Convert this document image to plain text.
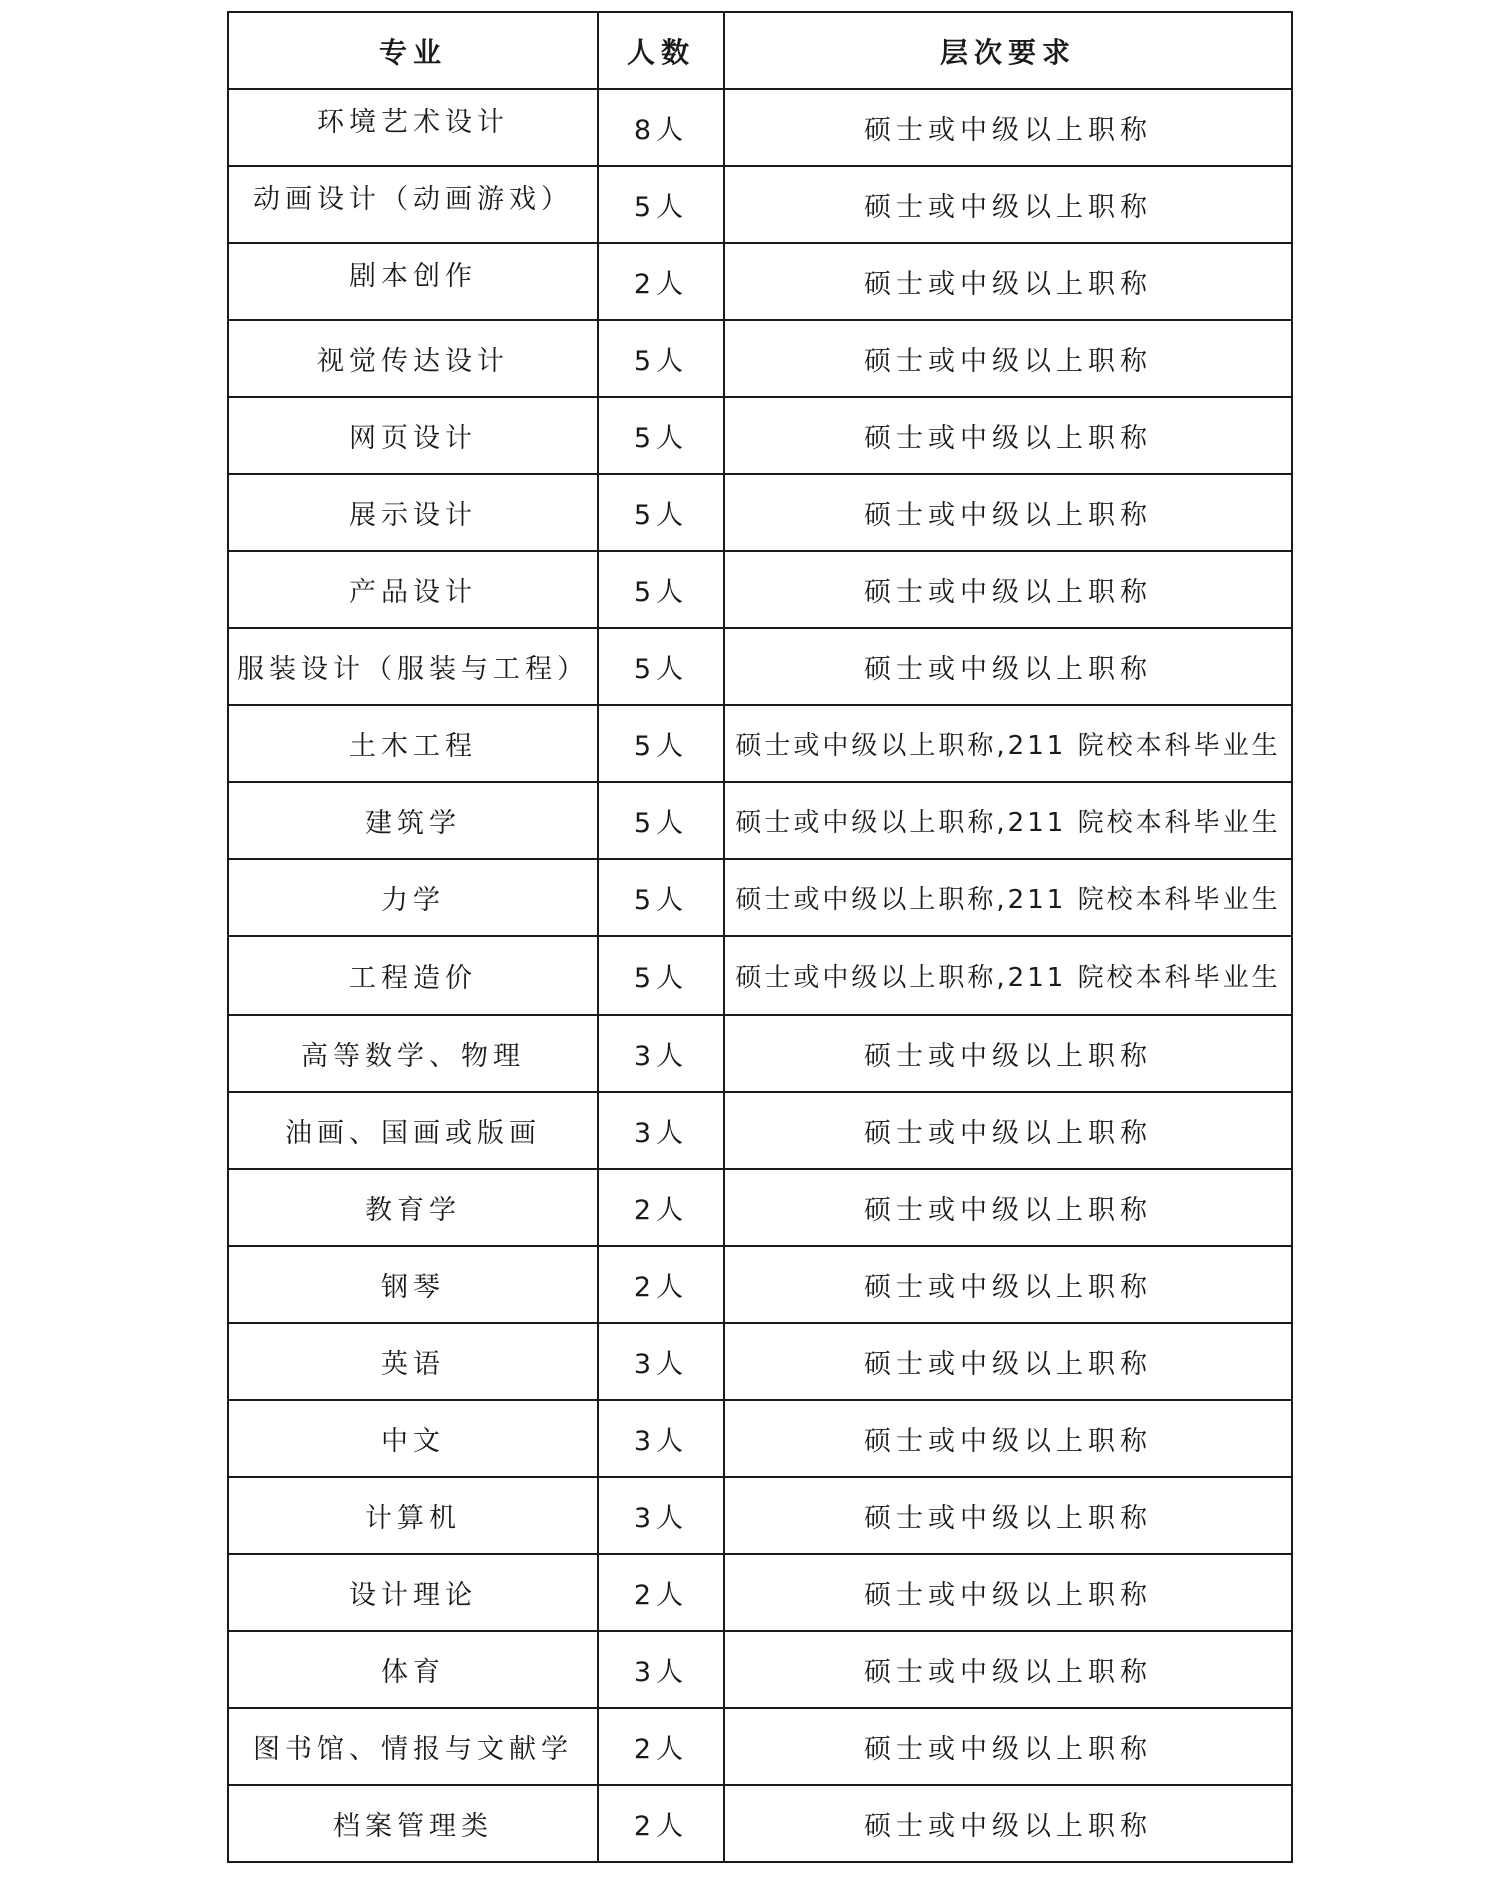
专业	人数	层次要求
环境艺术设计	8人	硕士或中级以上职称
动画设计（动画游戏）	5人	硕士或中级以上职称
剧本创作	2人	硕士或中级以上职称
视觉传达设计	5人	硕士或中级以上职称
网页设计	5人	硕士或中级以上职称
展示设计	5人	硕士或中级以上职称
产品设计	5人	硕士或中级以上职称
服装设计（服装与工程）	5人	硕士或中级以上职称
土木工程	5人	硕士或中级以上职称,211 院校本科毕业生
建筑学	5人	硕士或中级以上职称,211 院校本科毕业生
力学	5人	硕士或中级以上职称,211 院校本科毕业生
工程造价	5人	硕士或中级以上职称,211 院校本科毕业生
高等数学、物理	3人	硕士或中级以上职称
油画、国画或版画	3人	硕士或中级以上职称
教育学	2人	硕士或中级以上职称
钢琴	2人	硕士或中级以上职称
英语	3人	硕士或中级以上职称
中文	3人	硕士或中级以上职称
计算机	3人	硕士或中级以上职称
设计理论	2人	硕士或中级以上职称
体育	3人	硕士或中级以上职称
图书馆、情报与文献学	2人	硕士或中级以上职称
档案管理类	2人	硕士或中级以上职称
